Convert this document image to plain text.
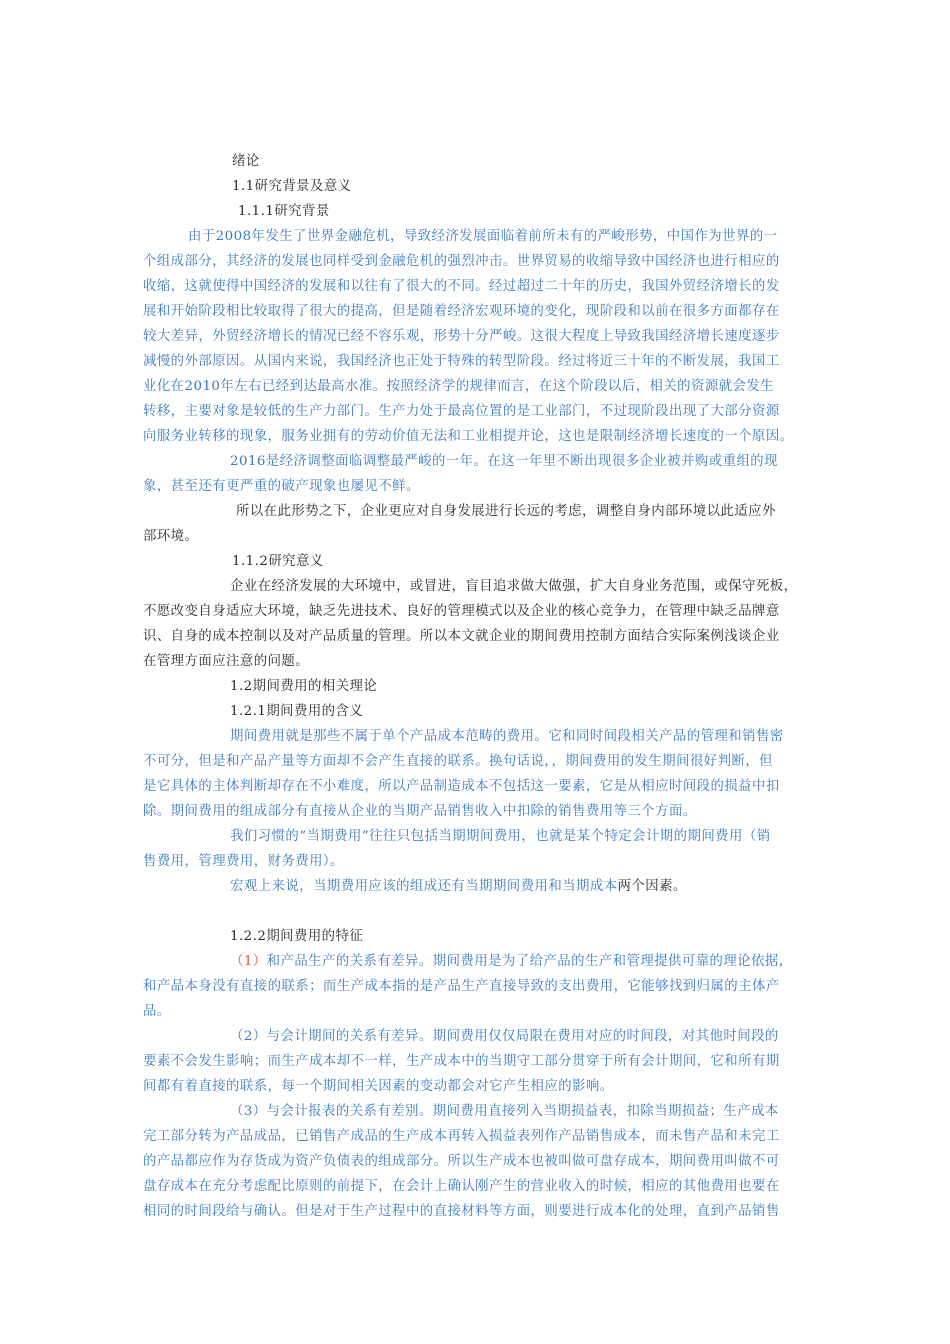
绪论
1.1研究背景及意义
1.1.1研究背景
由于2008年发生了世界金融危机，导致经济发展面临着前所未有的严峻形势，中国作为世界的一
个组成部分，其经济的发展也同样受到金融危机的强烈冲击。世界贸易的收缩导致中国经济也进行相应的
收缩，这就使得中国经济的发展和以往有了很大的不同。经过超过二十年的历史，我国外贸经济增长的发
展和开始阶段相比较取得了很大的提高，但是随着经济宏观环境的变化，现阶段和以前在很多方面都存在
较大差异，外贸经济增长的情况已经不容乐观，形势十分严峻。这很大程度上导致我国经济增长速度逐步
减慢的外部原因。从国内来说，我国经济也正处于特殊的转型阶段。经过将近三十年的不断发展，我国工
业化在2010年左右已经到达最高水准。按照经济学的规律而言，在这个阶段以后，相关的资源就会发生
转移，主要对象是较低的生产力部门。生产力处于最高位置的是工业部门，不过现阶段出现了大部分资源
向服务业转移的现象，服务业拥有的劳动价值无法和工业相提并论，这也是限制经济增长速度的一个原因。
2016是经济调整面临调整最严峻的一年。在这一年里不断出现很多企业被并购或重组的现
象，甚至还有更严重的破产现象也屡见不鲜。
所以在此形势之下，企业更应对自身发展进行长远的考虑，调整自身内部环境以此适应外
部环境。
1.1.2研究意义
企业在经济发展的大环境中，或冒进，盲目追求做大做强，扩大自身业务范围，或保守死板，
不愿改变自身适应大环境，缺乏先进技术、良好的管理模式以及企业的核心竞争力，在管理中缺乏品牌意
识、自身的成本控制以及对产品质量的管理。所以本文就企业的期间费用控制方面结合实际案例浅谈企业
在管理方面应注意的问题。
1.2期间费用的相关理论
1.2.1期间费用的含义
期间费用就是那些不属于单个产品成本范畴的费用。它和同时间段相关产品的管理和销售密
不可分，但是和产品产量等方面却不会产生直接的联系。换句话说，，期间费用的发生期间很好判断，但
是它具体的主体判断却存在不小难度，所以产品制造成本不包括这一要素，它是从相应时间段的损益中扣
除。期间费用的组成部分有直接从企业的当期产品销售收入中扣除的销售费用等三个方面。
我们习惯的“当期费用”往往只包括当期期间费用，也就是某个特定会计期的期间费用（销
售费用，管理费用，财务费用）。
宏观上来说，当期费用应该的组成还有当期期间费用和当期成本两个因素。
1.2.2期间费用的特征
（1）和产品生产的关系有差异。期间费用是为了给产品的生产和管理提供可靠的理论依据，
和产品本身没有直接的联系；而生产成本指的是产品生产直接导致的支出费用，它能够找到归属的主体产
品。
（2）与会计期间的关系有差异。期间费用仅仅局限在费用对应的时间段，对其他时间段的
要素不会发生影响；而生产成本却不一样，生产成本中的当期守工部分贯穿于所有会计期间，它和所有期
间都有着直接的联系，每一个期间相关因素的变动都会对它产生相应的影响。
（3）与会计报表的关系有差别。期间费用直接列入当期损益表，扣除当期损益；生产成本
完工部分转为产品成品，已销售产成品的生产成本再转入损益表列作产品销售成本，而未售产品和未完工
的产品都应作为存货成为资产负债表的组成部分。所以生产成本也被叫做可盘存成本，期间费用叫做不可
盘存成本在充分考虑配比原则的前提下，在会计上确认刚产生的营业收入的时候，相应的其他费用也要在
相同的时间段给与确认。但是对于生产过程中的直接材料等方面，则要进行成本化的处理，直到产品销售
